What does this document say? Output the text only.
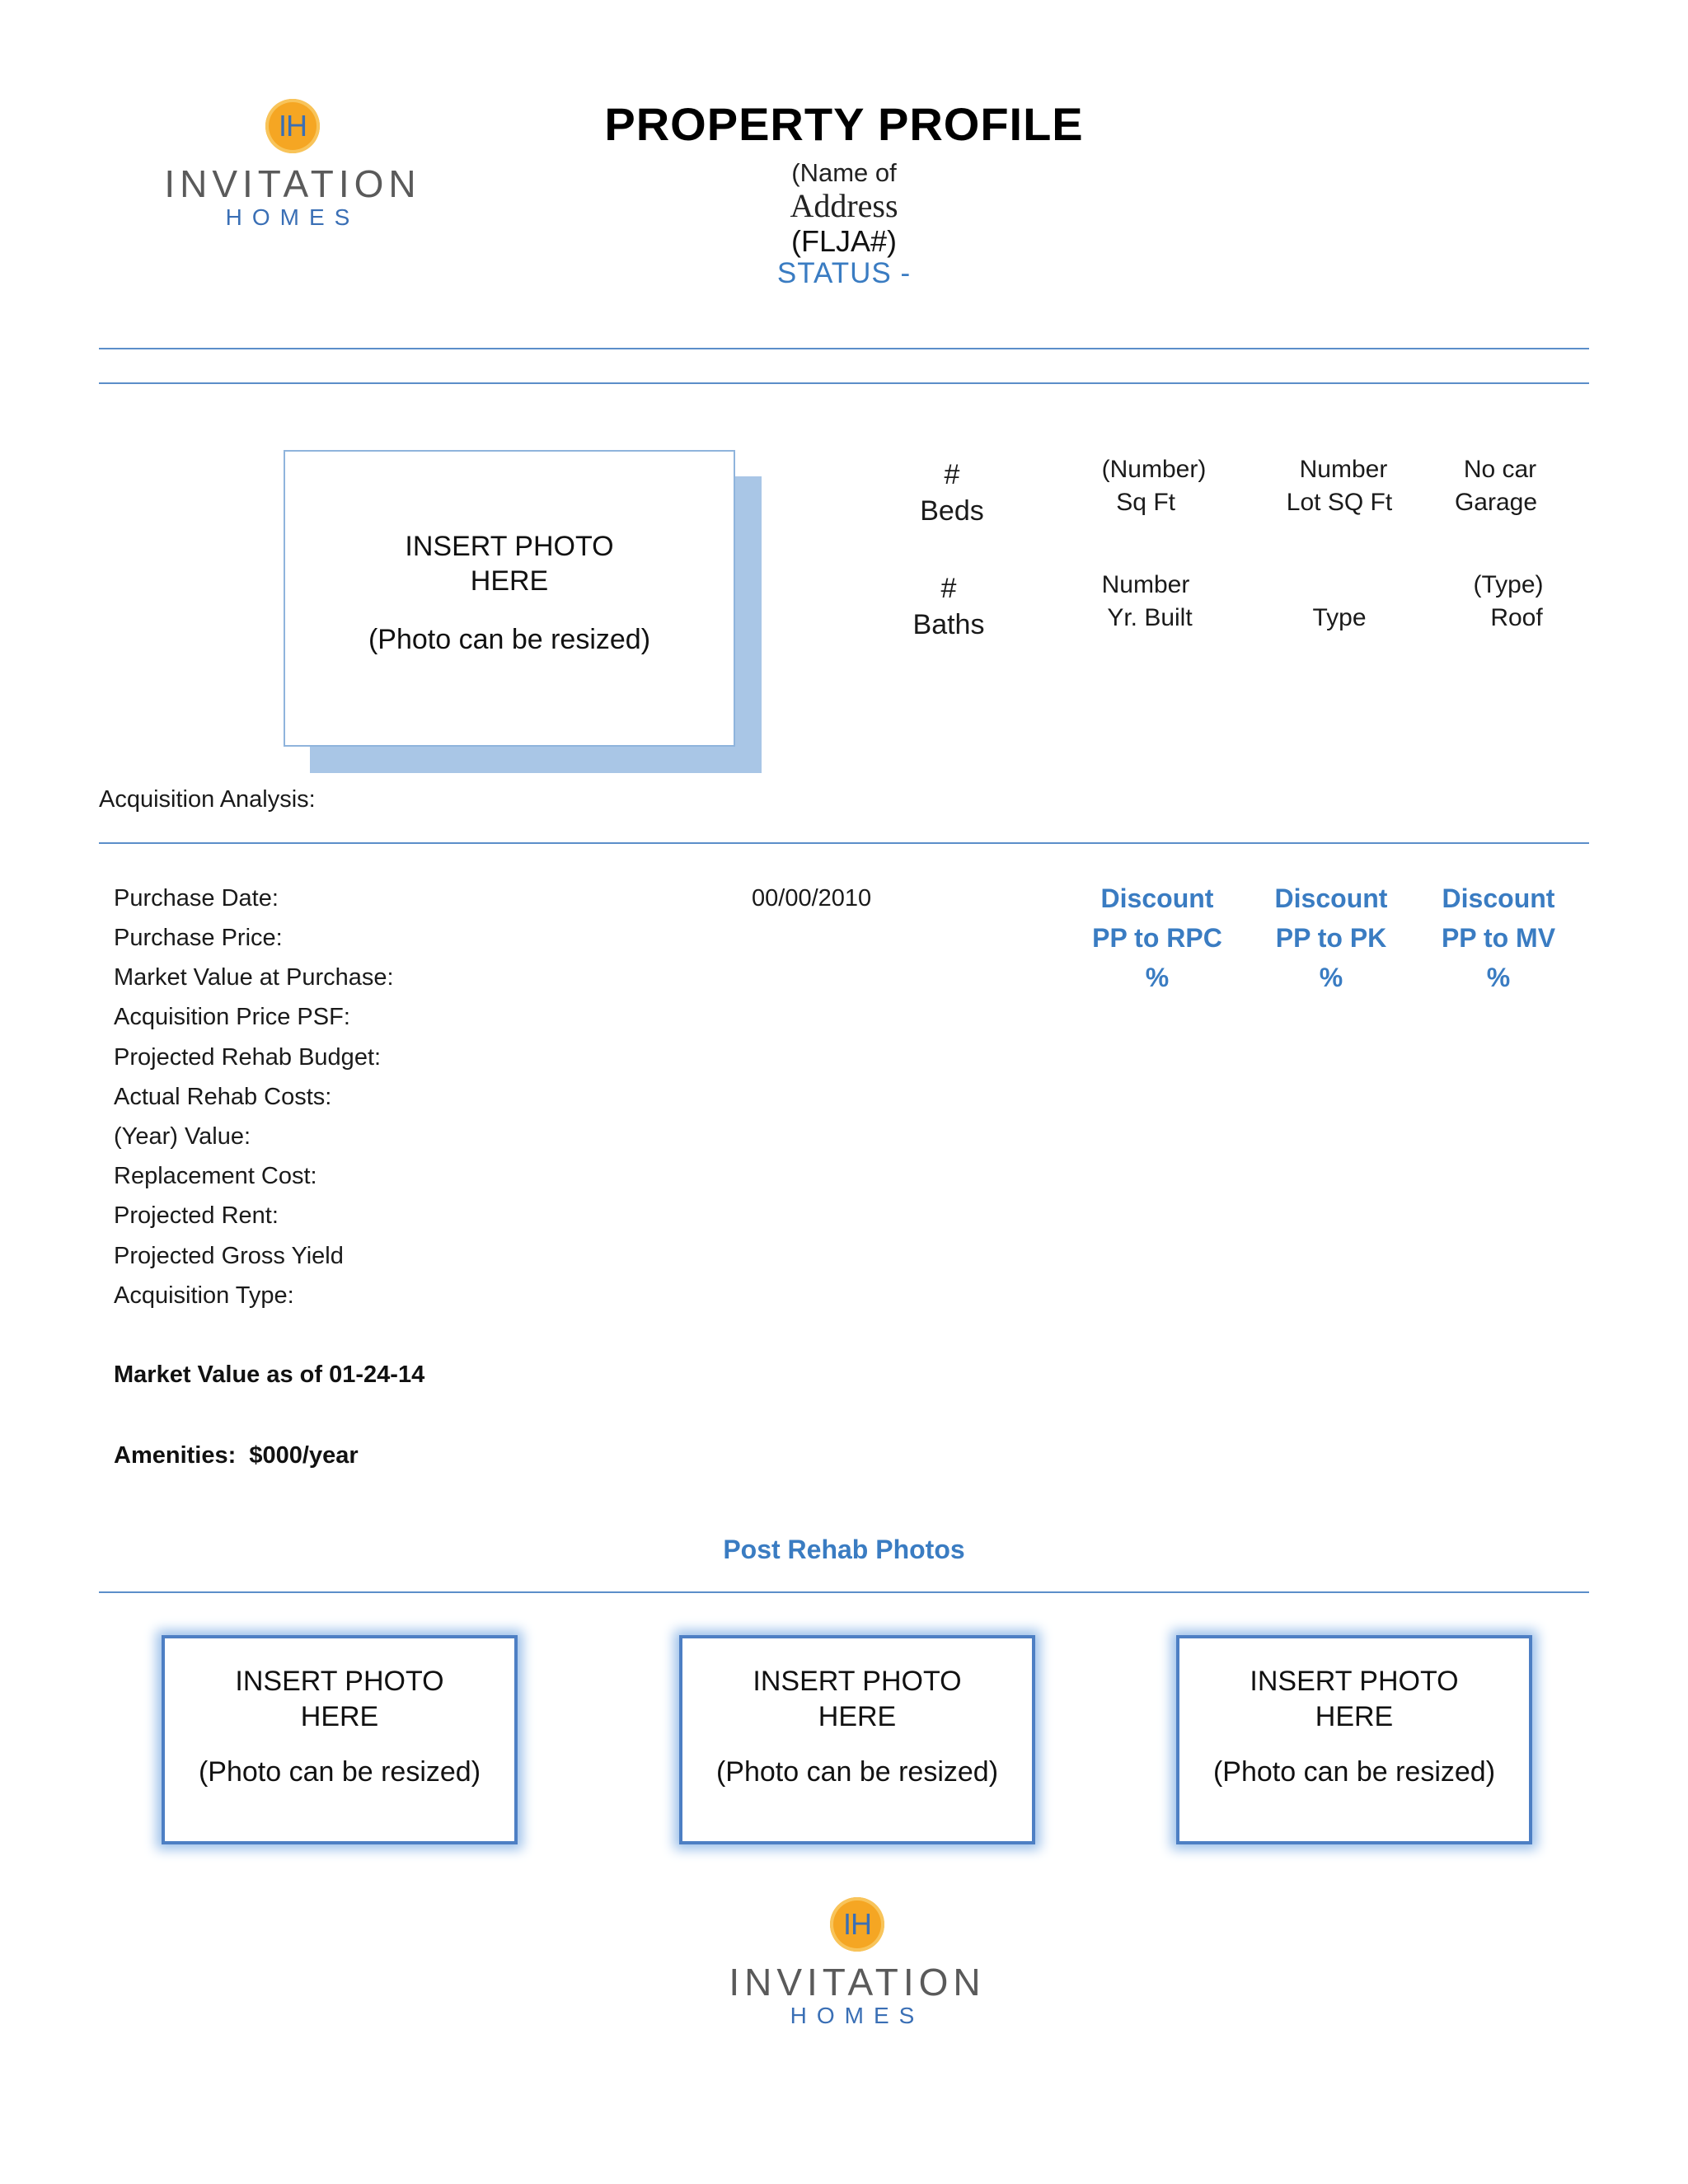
IH
INVITATION
HOMES
PROPERTY PROFILE
(Name of
Address
(FLJA#)
STATUS -
INSERT PHOTO
HERE
(Photo can be resized)
#
Beds
(Number)
Sq Ft
Number
Lot SQ Ft
No car
Garage
#
Baths
Number
Yr. Built	Type
(Type)
Roof
Acquisition Analysis:
Purchase Date:
Purchase Price:
Market Value at Purchase:
Acquisition Price PSF:
Projected Rehab Budget:
Actual Rehab Costs:
(Year) Value:
Replacement Cost:
Projected Rent:
Projected Gross Yield
Acquisition Type:
00/00/2010	Discount
PP to RPC
%
Discount
PP to PK
%
Discount
PP to MV
%
Market Value as of 01-24-14
Amenities:  $000/year
Post Rehab Photos
INSERT PHOTO
HERE
(Photo can be resized)
INSERT PHOTO
HERE
(Photo can be resized)
INSERT PHOTO
HERE
(Photo can be resized)
IH
INVITATION
HOMES
